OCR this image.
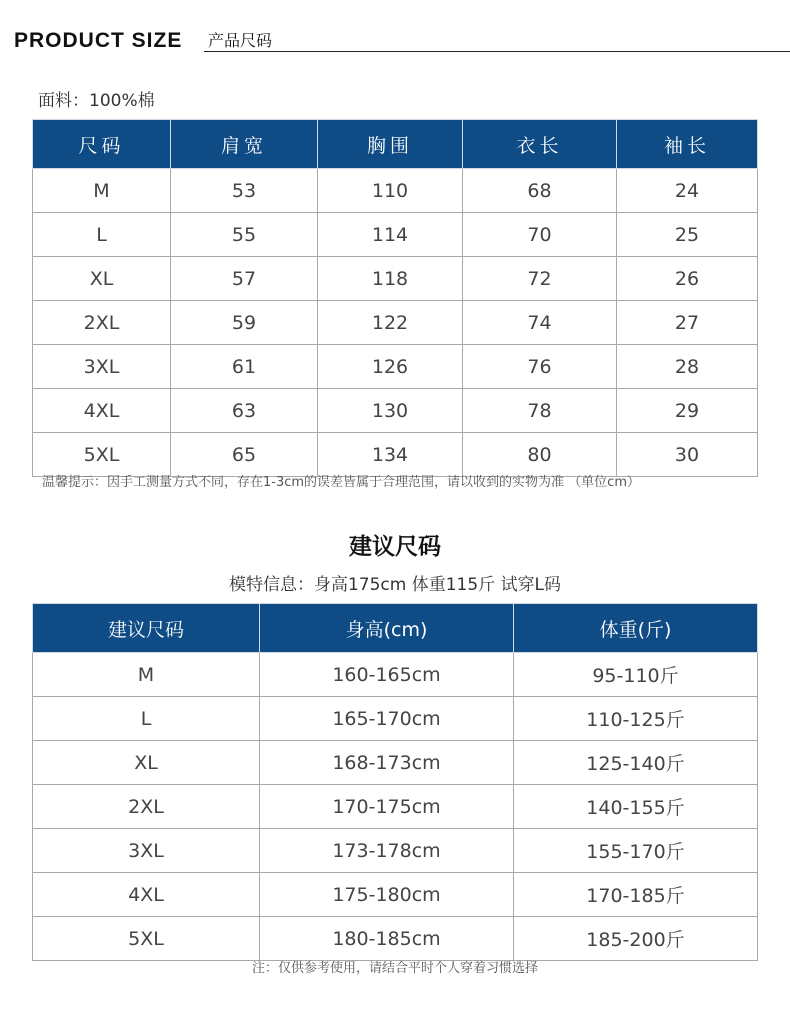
PRODUCT SIZE 产品尺码
面料：100%棉
尺码	肩宽	胸围	衣长	袖长
M	53	110	68	24
L	55	114	70	25
XL	57	118	72	26
2XL	59	122	74	27
3XL	61	126	76	28
4XL	63	130	78	29
5XL	65	134	80	30
温馨提示：因手工测量方式不同，存在1-3cm的误差皆属于合理范围，请以收到的实物为准 （单位cm）
建议尺码
模特信息：身高175cm 体重115斤 试穿L码
建议尺码	身高(cm)	体重(斤)
M	160-165cm	95-110斤
L	165-170cm	110-125斤
XL	168-173cm	125-140斤
2XL	170-175cm	140-155斤
3XL	173-178cm	155-170斤
4XL	175-180cm	170-185斤
5XL	180-185cm	185-200斤
注：仅供参考使用，请结合平时个人穿着习惯选择
